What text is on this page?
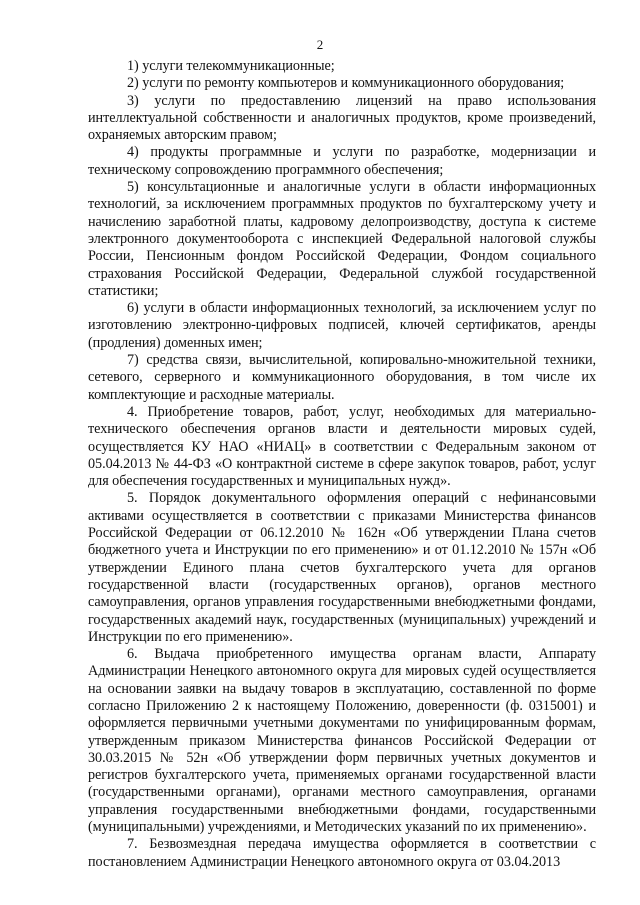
2

1) услуги телекоммуникационные;

2) услуги по ремонту компьютеров и коммуникационного оборудования;

3) услуги по предоставлению лицензий на право использования интеллектуальной собственности и аналогичных продуктов, кроме произведений, охраняемых авторским правом;

4) продукты программные и услуги по разработке, модернизации и техническому сопровождению программного обеспечения;

5) консультационные и аналогичные услуги в области информационных технологий, за исключением программных продуктов по бухгалтерскому учету и начислению заработной платы, кадровому делопроизводству, доступа к системе электронного документооборота с инспекцией Федеральной налоговой службы России, Пенсионным фондом Российской Федерации, Фондом социального страхования Российской Федерации, Федеральной службой государственной статистики;

6) услуги в области информационных технологий, за исключением услуг по изготовлению электронно-цифровых подписей, ключей сертификатов, аренды (продления) доменных имен;

7) средства связи, вычислительной, копировально-множительной техники, сетевого, серверного и коммуникационного оборудования, в том числе их комплектующие и расходные материалы.

4. Приобретение товаров, работ, услуг, необходимых для материально-технического обеспечения органов власти и деятельности мировых судей, осуществляется КУ НАО «НИАЦ» в соответствии с Федеральным законом от 05.04.2013 № 44-ФЗ «О контрактной системе в сфере закупок товаров, работ, услуг для обеспечения государственных и муниципальных нужд».

5. Порядок документального оформления операций с нефинансовыми активами осуществляется в соответствии с приказами Министерства финансов Российской Федерации от 06.12.2010 № 162н «Об утверждении Плана счетов бюджетного учета и Инструкции по его применению» и от 01.12.2010 № 157н «Об утверждении Единого плана счетов бухгалтерского учета для органов государственной власти (государственных органов), органов местного самоуправления, органов управления государственными внебюджетными фондами, государственных академий наук, государственных (муниципальных) учреждений и Инструкции по его применению».

6. Выдача приобретенного имущества органам власти, Аппарату Администрации Ненецкого автономного округа для мировых судей осуществляется на основании заявки на выдачу товаров в эксплуатацию, составленной по форме согласно Приложению 2 к настоящему Положению, доверенности (ф. 0315001) и оформляется первичными учетными документами по унифицированным формам, утвержденным приказом Министерства финансов Российской Федерации от 30.03.2015 № 52н «Об утверждении форм первичных учетных документов и регистров бухгалтерского учета, применяемых органами государственной власти (государственными органами), органами местного самоуправления, органами управления государственными внебюджетными фондами, государственными (муниципальными) учреждениями, и Методических указаний по их применению».

7. Безвозмездная передача имущества оформляется в соответствии с постановлением Администрации Ненецкого автономного округа от 03.04.2013
